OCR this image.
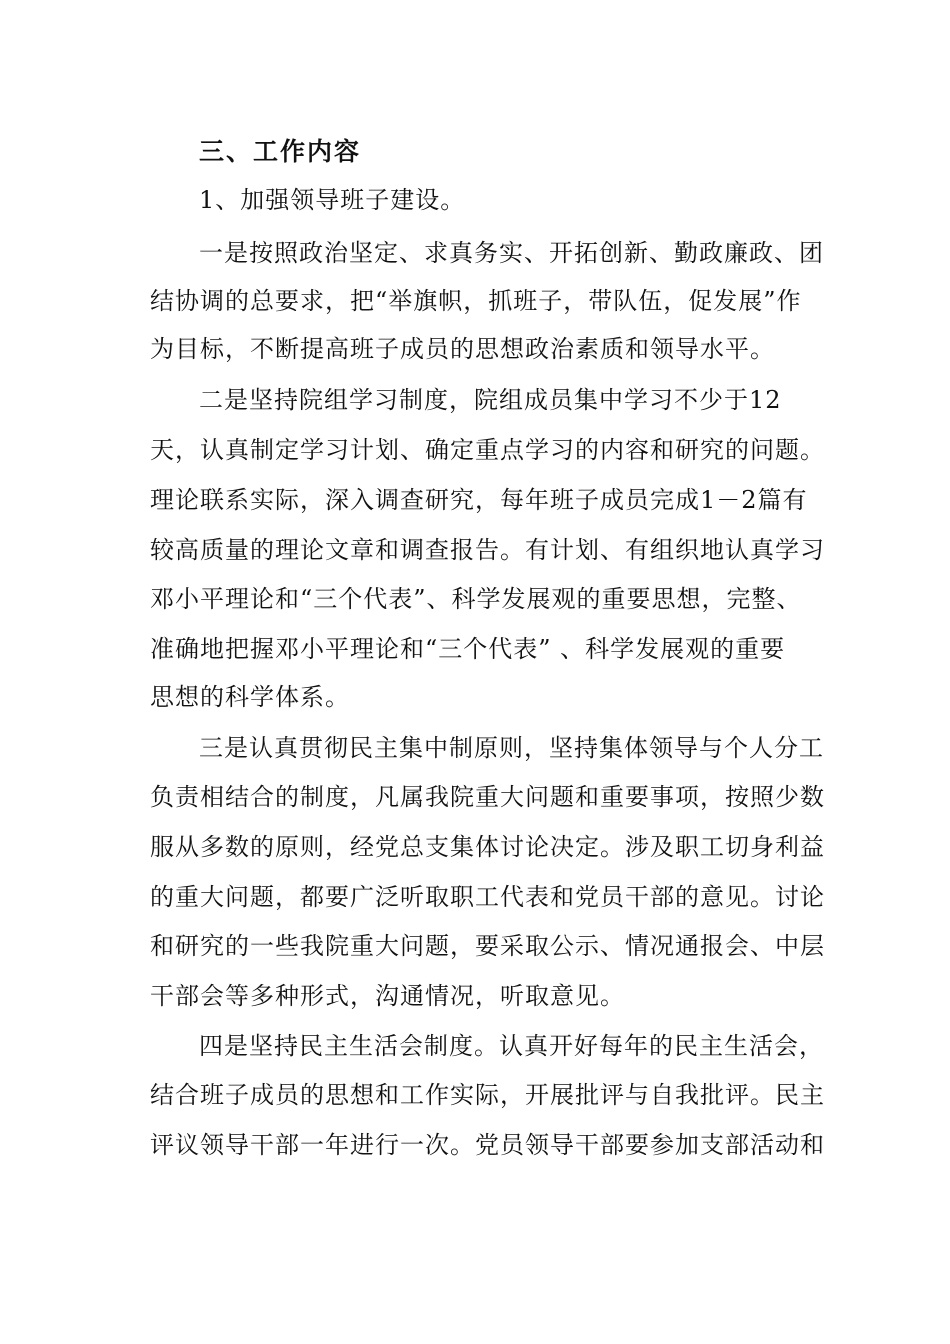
三、工作内容
1、加强领导班子建设。
一是按照政治坚定、求真务实、开拓创新、勤政廉政、团
结协调的总要求，把“举旗帜，抓班子，带队伍，促发展”作
为目标，不断提高班子成员的思想政治素质和领导水平。
二是坚持院组学习制度，院组成员集中学习不少于12
天，认真制定学习计划、确定重点学习的内容和研究的问题。
理论联系实际，深入调查研究，每年班子成员完成1－2篇有
较高质量的理论文章和调查报告。有计划、有组织地认真学习
邓小平理论和“三个代表”、科学发展观的重要思想，完整、
准确地把握邓小平理论和“三个代表” 、科学发展观的重要
思想的科学体系。
三是认真贯彻民主集中制原则，坚持集体领导与个人分工
负责相结合的制度，凡属我院重大问题和重要事项，按照少数
服从多数的原则，经党总支集体讨论决定。涉及职工切身利益
的重大问题，都要广泛听取职工代表和党员干部的意见。讨论
和研究的一些我院重大问题，要采取公示、情况通报会、中层
干部会等多种形式，沟通情况，听取意见。
四是坚持民主生活会制度。认真开好每年的民主生活会，
结合班子成员的思想和工作实际，开展批评与自我批评。民主
评议领导干部一年进行一次。党员领导干部要参加支部活动和
